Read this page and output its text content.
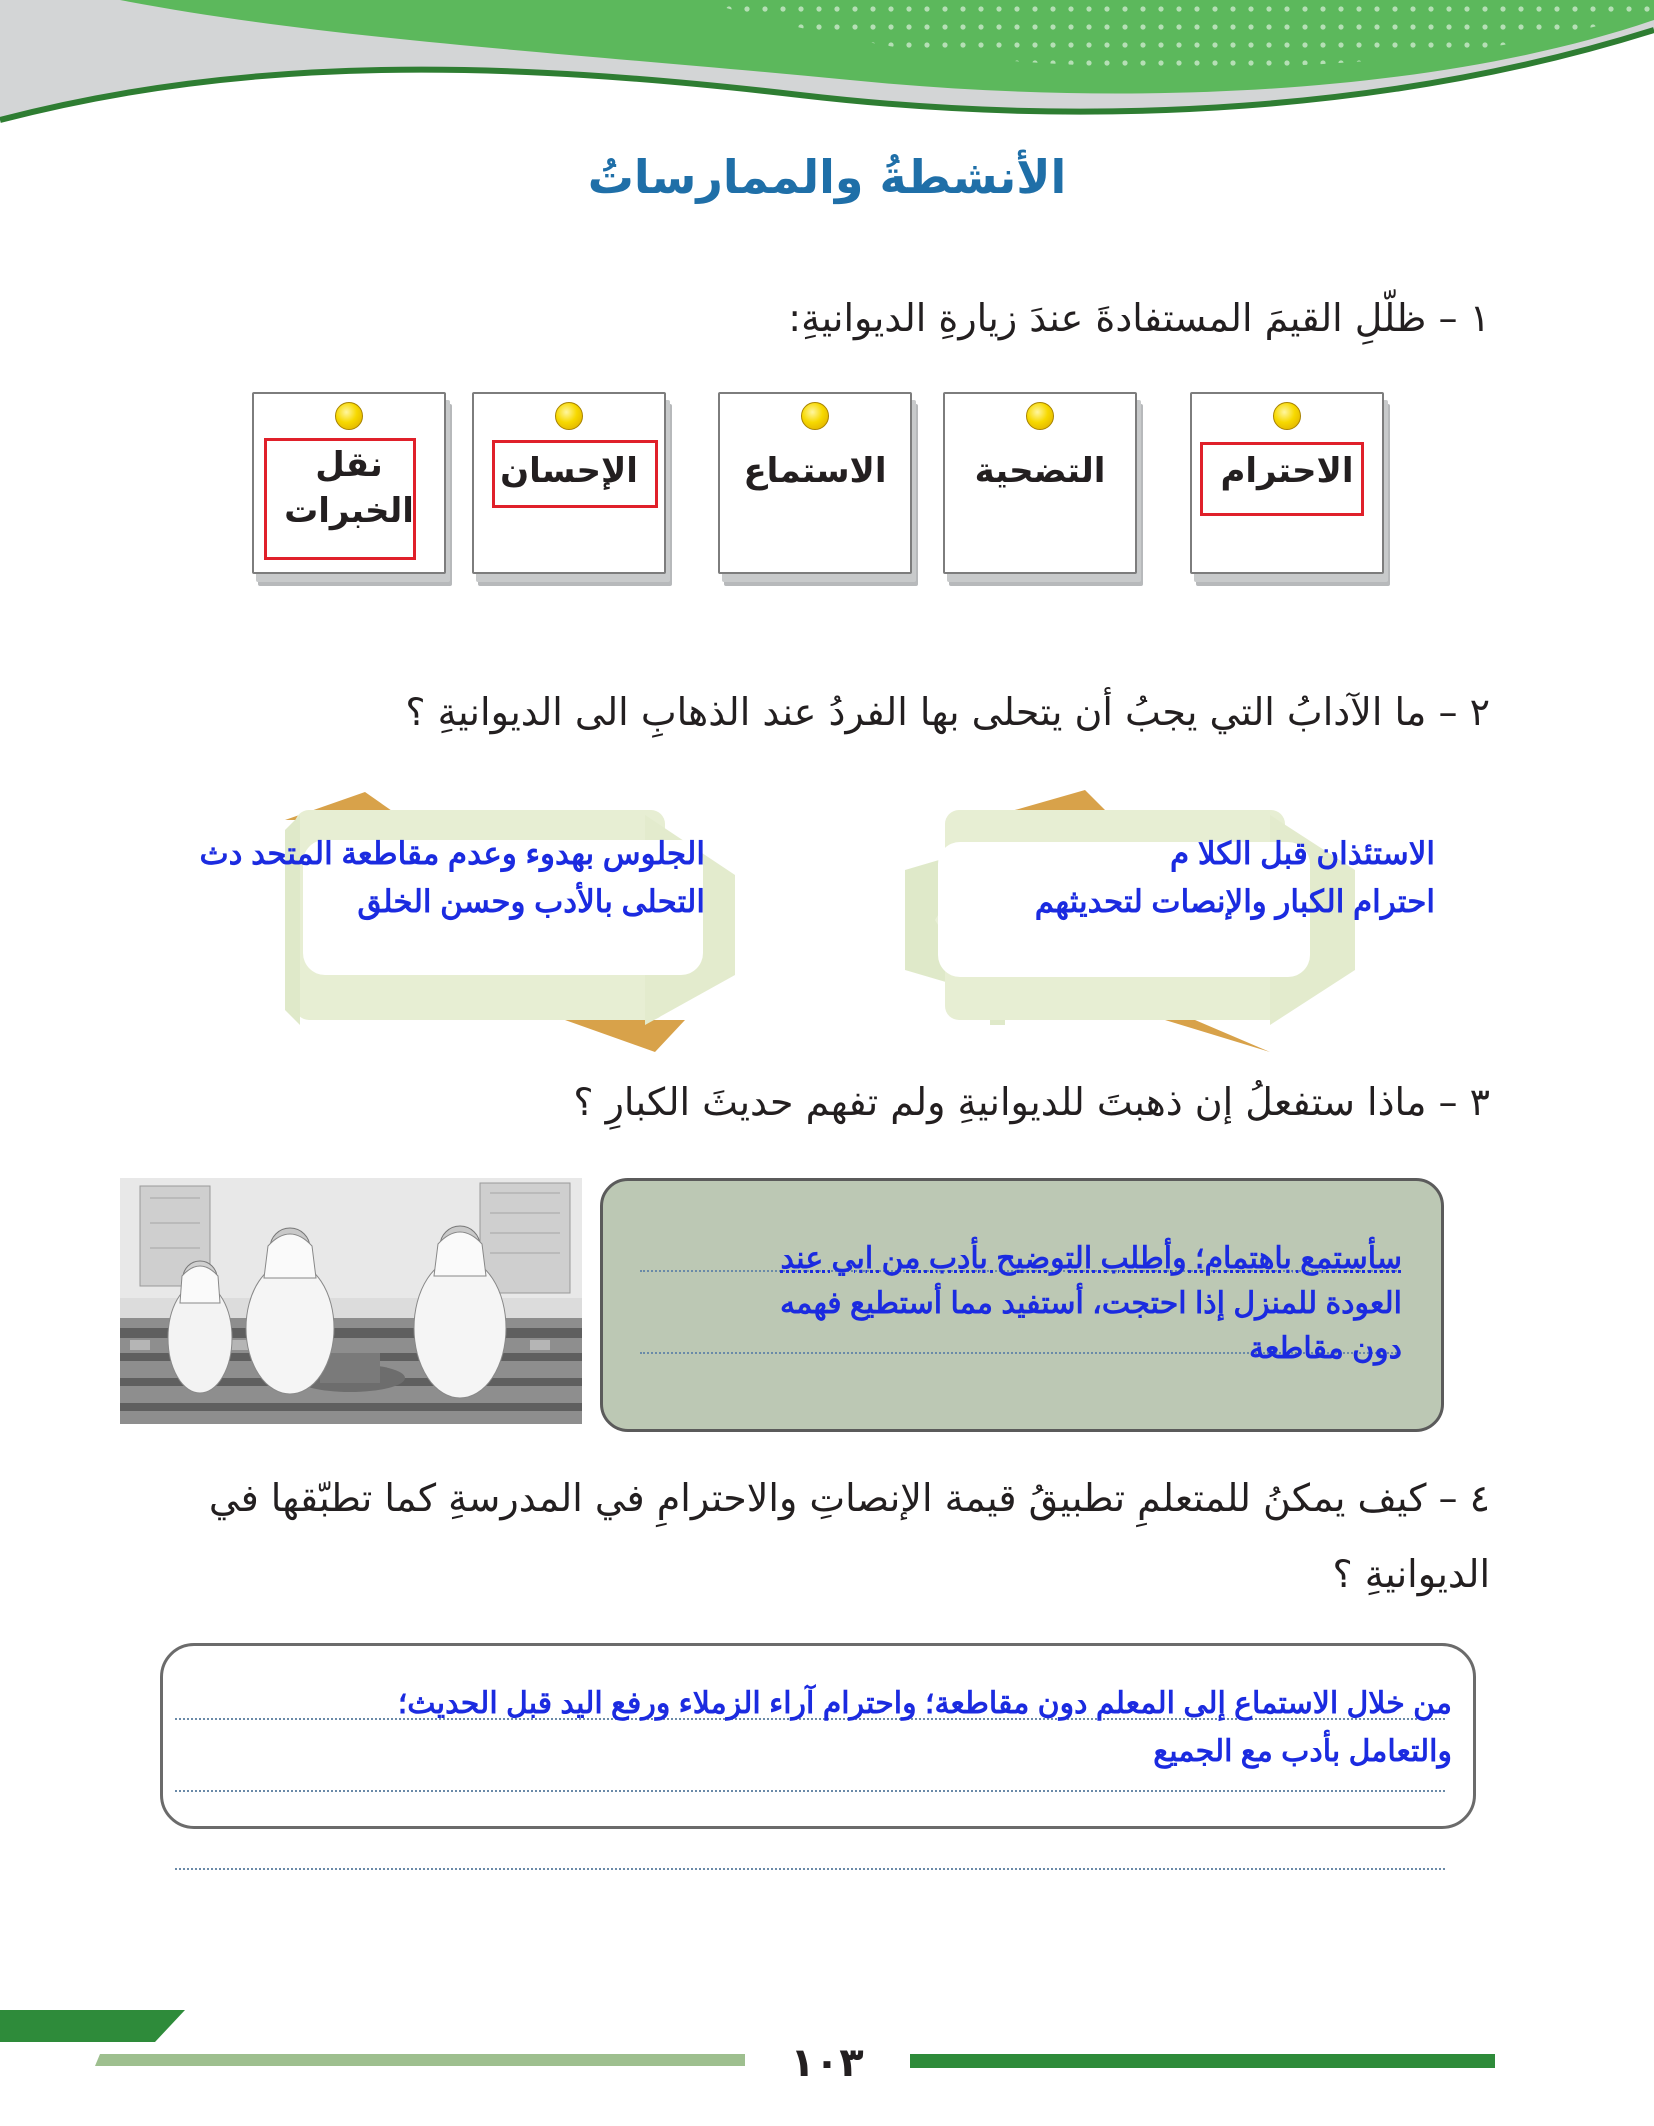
الأنشطةُ والممارساتُ
١ – ظلّلِ القيمَ المستفادةَ عندَ زيارةِ الديوانيةِ:
الاحترام
التضحية
الاستماع
الإحسان
نقل
الخبرات
٢ – ما الآدابُ التي يجبُ أن يتحلى بها الفردُ عند الذهابِ الى الديوانيةِ ؟
الاستئذان قبل الكلا م
احترام الكبار والإنصات لتحديثهم
الجلوس بهدوء وعدم مقاطعة المتحد دث
التحلى بالأدب وحسن الخلق
٣ – ماذا ستفعلُ إن ذهبتَ للديوانيةِ ولم تفهم حديثَ الكبارِ ؟
سأستمع باهتمام؛ وأطلب التوضيح بأدب من ابي عند
العودة للمنزل إذا احتجت، أستفيد مما أستطيع فهمه
دون مقاطعة
٤ – كيف يمكنُ للمتعلمِ تطبيقُ قيمة الإنصاتِ والاحترامِ في المدرسةِ كما تطبّقها في
الديوانيةِ ؟
من خلال الاستماع إلى المعلم دون مقاطعة؛ واحترام آراء الزملاء ورفع اليد قبل الحديث؛
والتعامل بأدب مع الجميع
١٠٣
